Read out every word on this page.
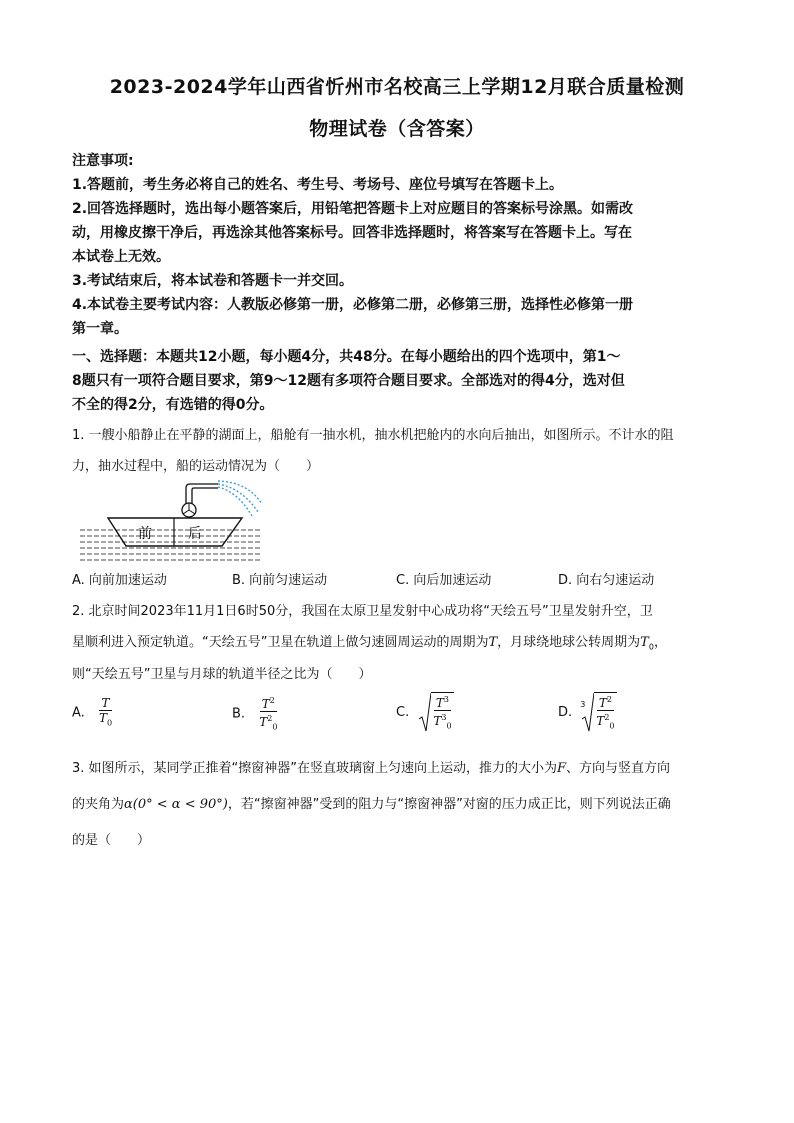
2023-2024学年山西省忻州市名校高三上学期12月联合质量检测
物理试卷（含答案）
注意事项:
1.答题前，考生务必将自己的姓名、考生号、考场号、座位号填写在答题卡上。
2.回答选择题时，选出每小题答案后，用铅笔把答题卡上对应题目的答案标号涂黑。如需改
动，用橡皮擦干净后，再选涂其他答案标号。回答非选择题时，将答案写在答题卡上。写在
本试卷上无效。
3.考试结束后，将本试卷和答题卡一并交回。
4.本试卷主要考试内容：人教版必修第一册，必修第二册，必修第三册，选择性必修第一册
第一章。
一、选择题：本题共12小题，每小题4分，共48分。在每小题给出的四个选项中，第1～
8题只有一项符合题目要求，第9～12题有多项符合题目要求。全部选对的得4分，选对但
不全的得2分，有选错的得0分。
1. 一艘小船静止在平静的湖面上，船舱有一抽水机，抽水机把舱内的水向后抽出，如图所示。不计水的阻
力，抽水过程中，船的运动情况为（　　）
前	后
A. 向前加速运动	B. 向前匀速运动	C. 向后加速运动	D. 向右匀速运动
2. 北京时间2023年11月1日6时50分，我国在太原卫星发射中心成功将“天绘五号”卫星发射升空，卫
星顺利进入预定轨道。“天绘五号”卫星在轨道上做匀速圆周运动的周期为T，月球绕地球公转周期为$T_0$，
则“天绘五号”卫星与月球的轨道半径之比为（　　）
A. $\frac{T}{T_0}$	B. $\frac{T^2}{T^2_0}$	C. $\frac{T^3}{T^3_0}$	D.
$3 \frac{T^2}{T^2_0}$
3. 如图所示，某同学正推着“擦窗神器”在竖直玻璃窗上匀速向上运动，推力的大小为F、方向与竖直方向
的夹角为α(0° < α < 90°)，若“擦窗神器”受到的阻力与“擦窗神器”对窗的压力成正比，则下列说法正确
的是（　　）
